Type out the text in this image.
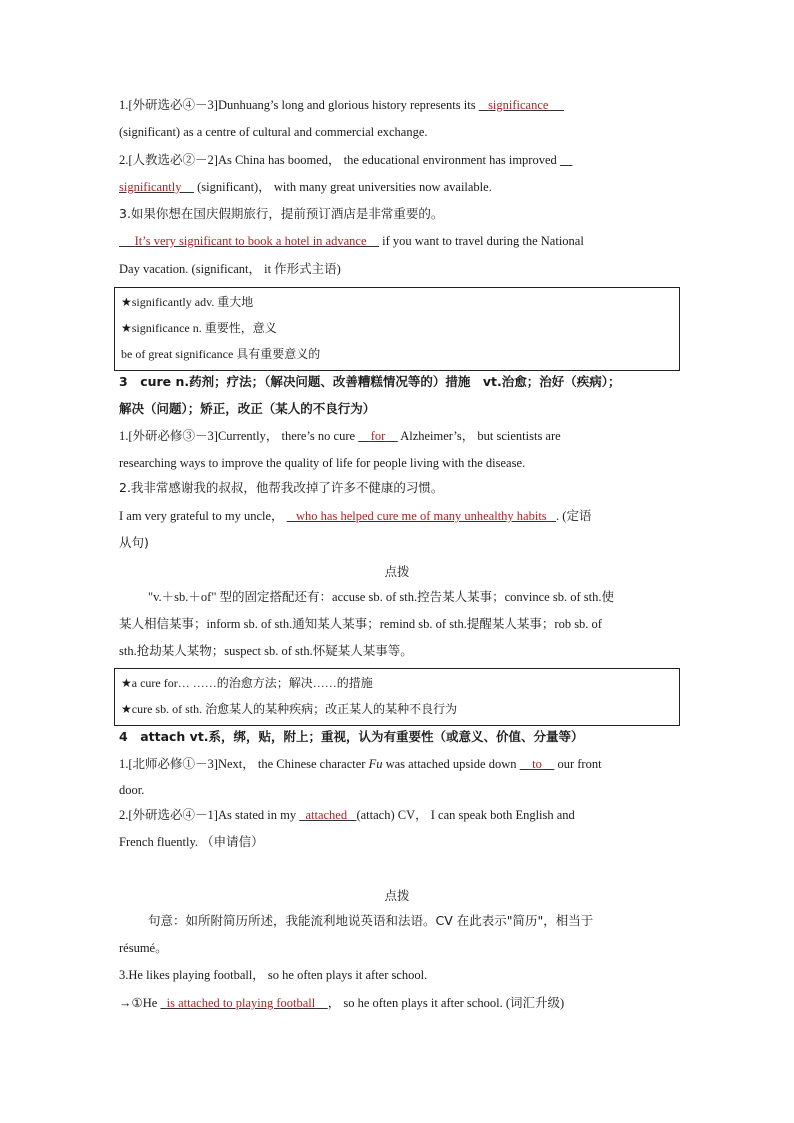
1.[外研选必④－3]Dunhuang’s long and glorious history represents its    significance
(significant) as a centre of cultural and commercial exchange.
2.[人教选必②－2]As China has boomed， the educational environment has improved
significantly (significant)， with many great universities now available.
3.如果你想在国庆假期旅行，提前预订酒店是非常重要的。
It’s very significant to book a hotel in advance if you want to travel during the National
Day vacation. (significant， it 作形式主语)
★significantly adv. 重大地
★significance n. 重要性，意义
be of great significance 具有重要意义的
3　cure n.药剂；疗法；（解决问题、改善糟糕情况等的）措施　vt.治愈；治好（疾病）；
解决（问题）；矫正，改正（某人的不良行为）
1.[外研必修③－3]Currently， there’s no cure     for Alzheimer’s， but scientists are
researching ways to improve the quality of life for people living with the disease.
2.我非常感谢我的叔叔，他帮我改掉了许多不健康的习惯。
I am very grateful to my uncle，    who has helped cure me of many unhealthy habits . (定语
从句)
点拨
"v.＋sb.＋of" 型的固定搭配还有：accuse sb. of sth.控告某人某事；convince sb. of sth.使
某人相信某事；inform sb. of sth.通知某人某事；remind sb. of sth.提醒某人某事；rob sb. of
sth.抢劫某人某物；suspect sb. of sth.怀疑某人某事等。
★a cure for… ……的治愈方法；解决……的措施
★cure sb. of sth. 治愈某人的某种疾病；改正某人的某种不良行为
4　attach vt.系，绑，贴，附上；重视，认为有重要性（或意义、价值、分量等）
1.[北师必修①－3]Next， the Chinese character Fu was attached upside down     to our front
door.
2.[外研选必④－1]As stated in my   attached (attach) CV， I can speak both English and
French fluently. （申请信）
点拨
句意：如所附简历所述，我能流利地说英语和法语。CV 在此表示"简历"，相当于
résumé。
3.He likes playing football， so he often plays it after school.
→①He   is attached to playing football ， so he often plays it after school. (词汇升级)
